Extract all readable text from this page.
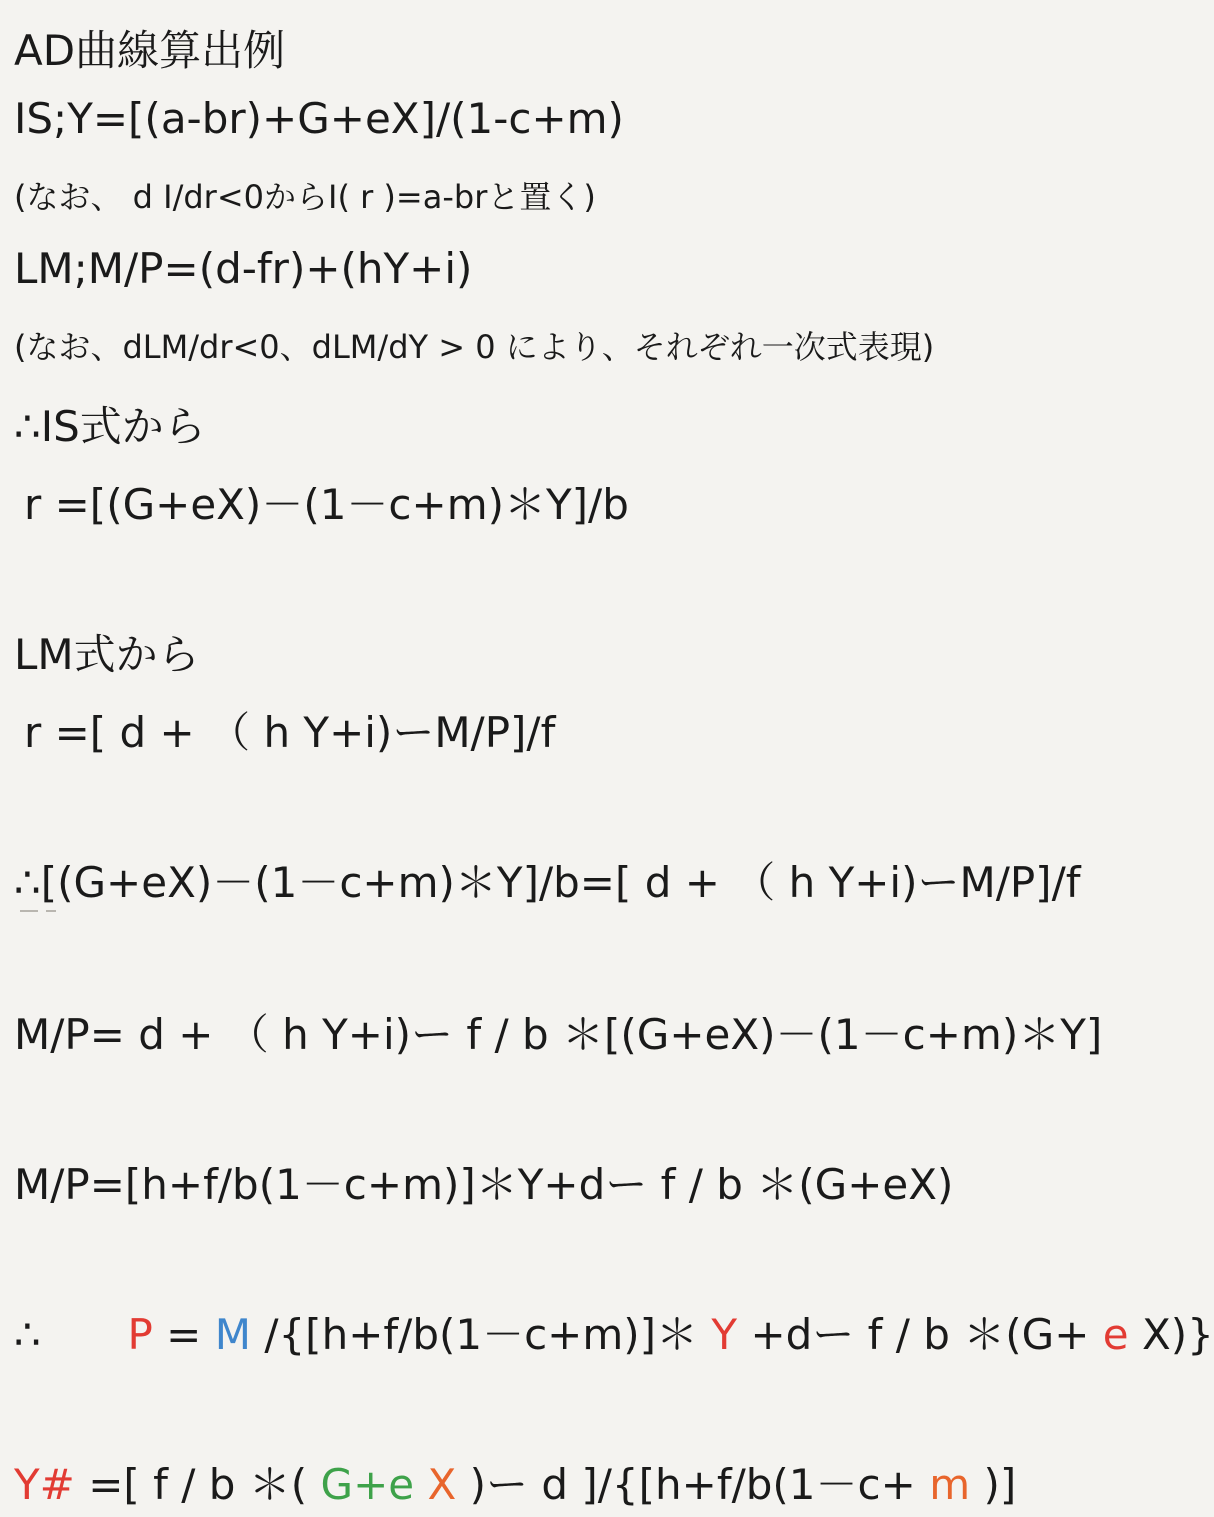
AD曲線算出例
IS;Y=[(a-br)+G+eX]/(1-c+m)
(なお、 d I/dr<0からI( r )=a-brと置く)
LM;M/P=(d-fr)+(hY+i)
(なお、dLM/dr<0、dLM/dY > 0 により、それぞれ一次式表現)
∴IS式から
r =[(G+eX)－(1－c+m)＊Y]/b
LM式から
r =[ d + （ h Y+i)ーM/P]/f
∴[(G+eX)－(1－c+m)＊Y]/b=[ d + （ h Y+i)ーM/P]/f
M/P= d + （ h Y+i)ー f / b ＊[(G+eX)－(1－c+m)＊Y]
M/P=[h+f/b(1－c+m)]＊Y+dー f / b ＊(G+eX)
∴ P = M /{[h+f/b(1－c+m)]＊ Y +dー f / b ＊(G+ e X)}
Y# =[ f / b ＊( G+e X )ー d ]/{[h+f/b(1－c+ m )]
